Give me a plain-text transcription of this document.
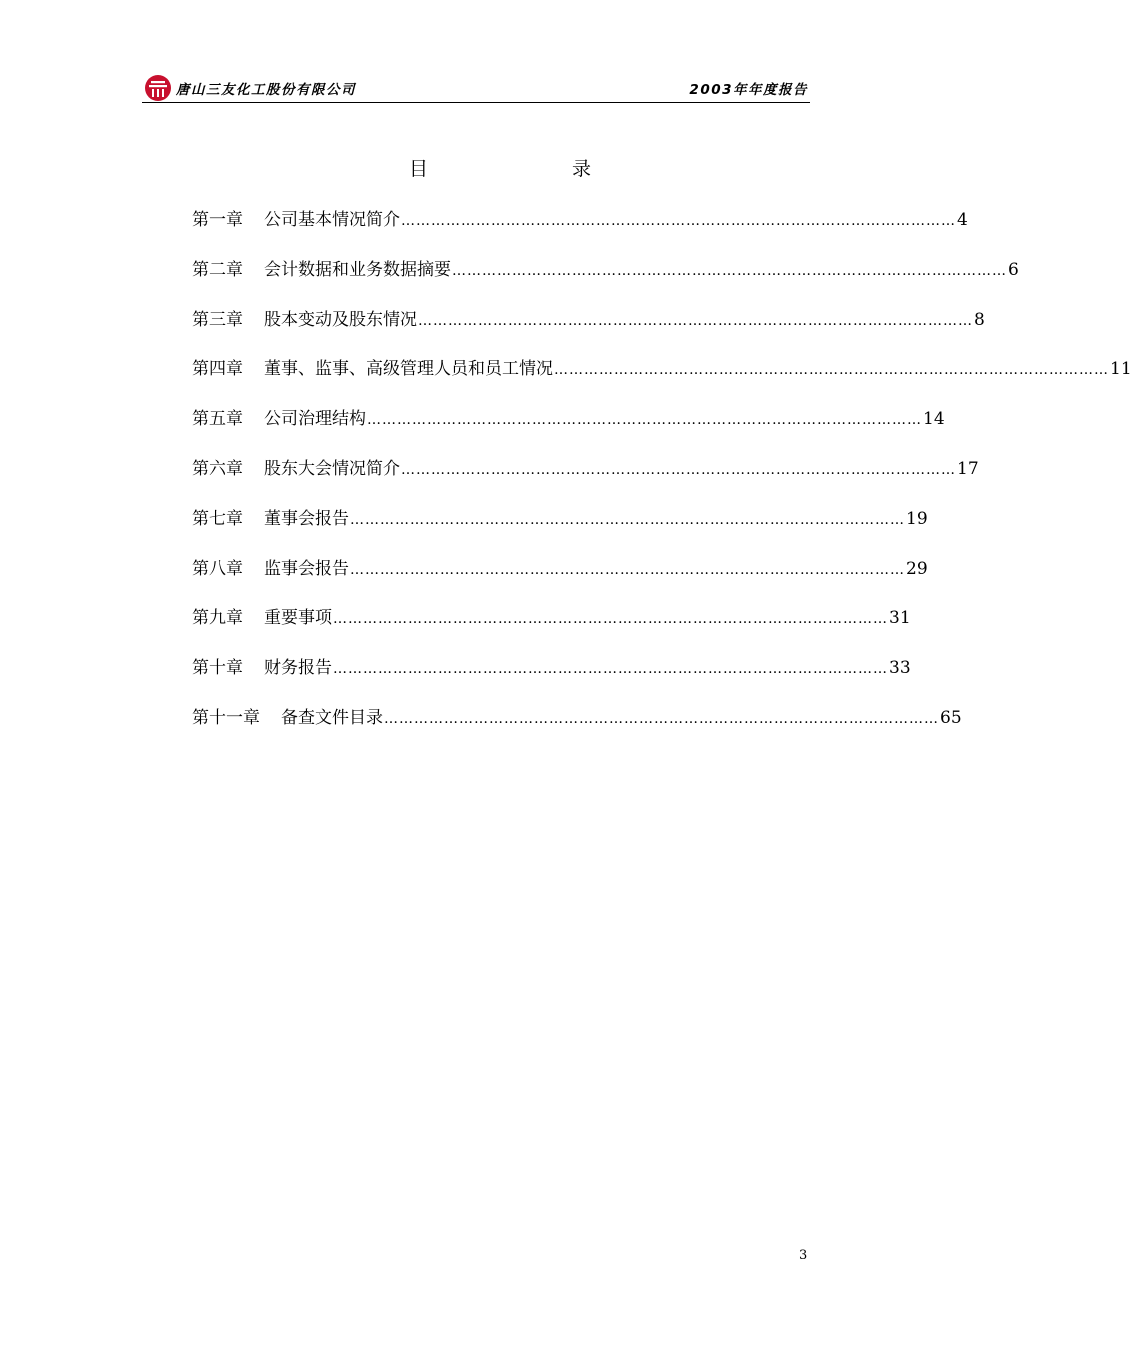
唐山三友化工股份有限公司	2003年年度报告
目	录
第一章	公司基本情况简介 ………………………………………………………………………………………………… 4
第二章	会计数据和业务数据摘要 ………………………………………………………………………………………………… 6
第三章	股本变动及股东情况 ………………………………………………………………………………………………… 8
第四章	董事、监事、高级管理人员和员工情况 ………………………………………………………………………………………………… 11
第五章	公司治理结构 ………………………………………………………………………………………………… 14
第六章	股东大会情况简介 ………………………………………………………………………………………………… 17
第七章	董事会报告 ………………………………………………………………………………………………… 19
第八章	监事会报告 ………………………………………………………………………………………………… 29
第九章	重要事项 ………………………………………………………………………………………………… 31
第十章	财务报告 ………………………………………………………………………………………………… 33
第十一章	备查文件目录 ………………………………………………………………………………………………… 65
3
